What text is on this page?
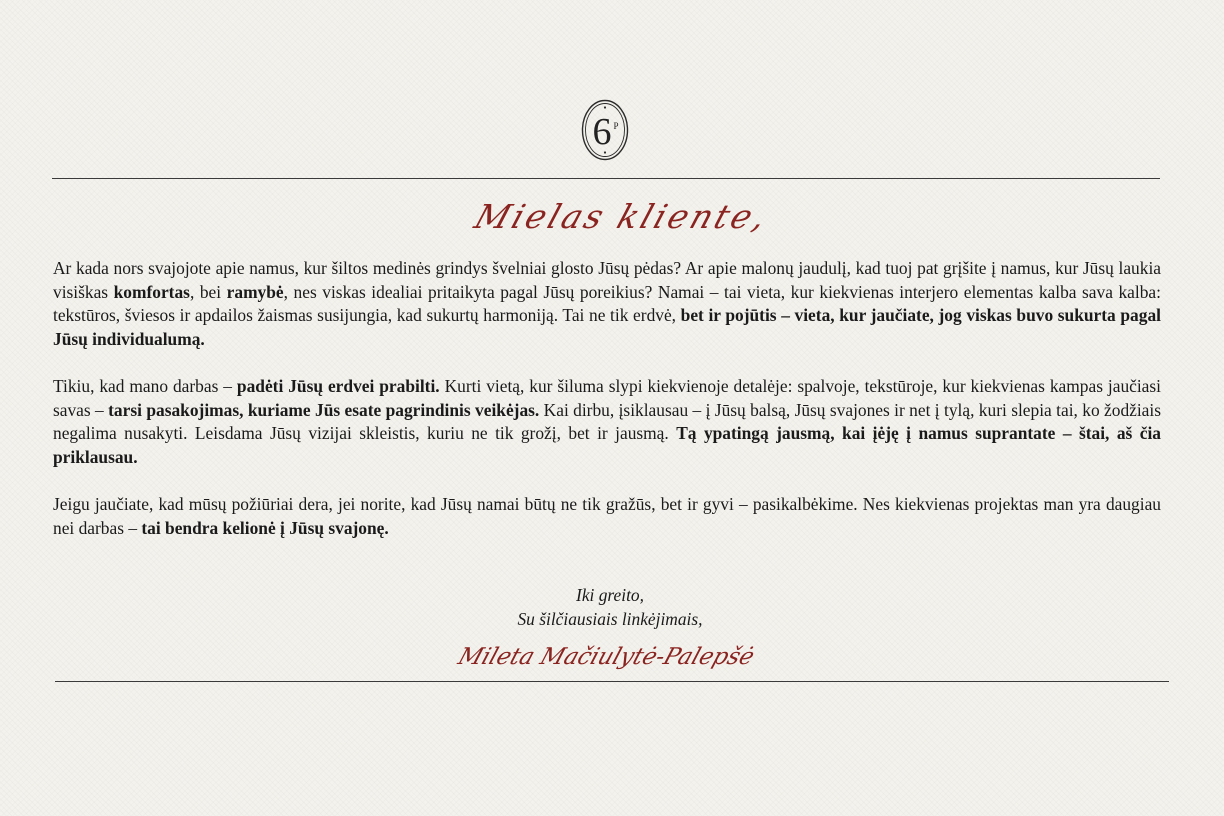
6 P
Mielas kliente,

Ar kada nors svajojote apie namus, kur šiltos medinės grindys švelniai glosto Jūsų pėdas? Ar apie malonų jaudulį, kad tuoj pat grįšite į namus, kur Jūsų laukia visiškas komfortas, bei ramybė, nes viskas idealiai pritaikyta pagal Jūsų poreikius? Namai – tai vieta, kur kiekvienas interjero elementas kalba sava kalba: tekstūros, šviesos ir apdailos žaismas susijungia, kad sukurtų harmoniją. Tai ne tik erdvė, bet ir pojūtis – vieta, kur jaučiate, jog viskas buvo sukurta pagal Jūsų individualumą.

Tikiu, kad mano darbas – padėti Jūsų erdvei prabilti. Kurti vietą, kur šiluma slypi kiekvienoje detalėje: spalvoje, tekstūroje, kur kiekvienas kampas jaučiasi savas – tarsi pasakojimas, kuriame Jūs esate pagrindinis veikėjas. Kai dirbu, įsiklausau – į Jūsų balsą, Jūsų svajones ir net į tylą, kuri slepia tai, ko žodžiais negalima nusakyti. Leisdama Jūsų vizijai skleistis, kuriu ne tik grožį, bet ir jausmą. Tą ypatingą jausmą, kai įėję į namus suprantate – štai, aš čia priklausau.

Jeigu jaučiate, kad mūsų požiūriai dera, jei norite, kad Jūsų namai būtų ne tik gražūs, bet ir gyvi – pasikalbėkime. Nes kiekvienas projektas man yra daugiau nei darbas – tai bendra kelionė į Jūsų svajonę.

Iki greito,
Su šilčiausiais linkėjimais,
Mileta Mačiulytė-Palepšė
